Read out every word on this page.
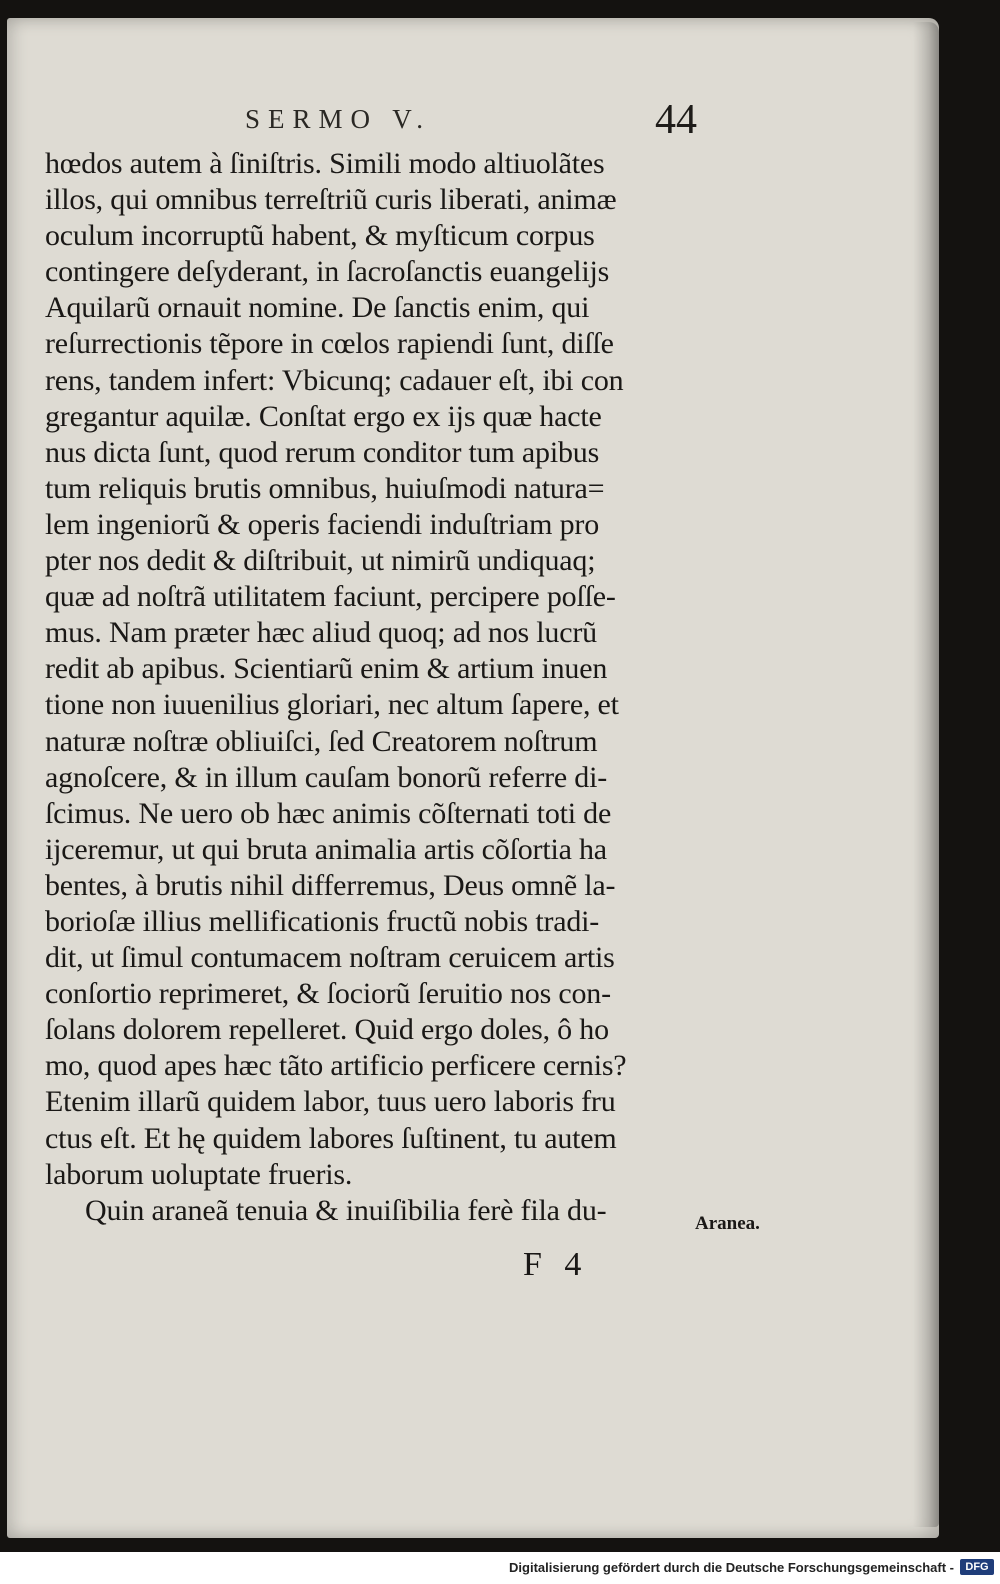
SERMO V.	44
hœdos autem à ſiniſtris. Simili modo altiuolãtes
illos, qui omnibus terreſtriũ curis liberati, animæ
oculum incorruptũ habent, & myſticum corpus
contingere deſyderant, in ſacroſanctis euangelijs
Aquilarũ ornauit nomine. De ſanctis enim, qui
reſurrectionis tẽpore in cœlos rapiendi ſunt, diſſe
rens, tandem infert: Vbicunq; cadauer eſt, ibi con
gregantur aquilæ. Conſtat ergo ex ijs quæ hacte
nus dicta ſunt, quod rerum conditor tum apibus
tum reliquis brutis omnibus, huiuſmodi natura=
lem ingeniorũ & operis faciendi induſtriam pro
pter nos dedit & diſtribuit, ut nimirũ undiquaq;
quæ ad noſtrã utilitatem faciunt, percipere poſſe-
mus. Nam præter hæc aliud quoq; ad nos lucrũ
redit ab apibus. Scientiarũ enim & artium inuen
tione non iuuenilius gloriari, nec altum ſapere, et
naturæ noſtræ obliuiſci, ſed Creatorem noſtrum
agnoſcere, & in illum cauſam bonorũ referre di-
ſcimus. Ne uero ob hæc animis cõſternati toti de
ijceremur, ut qui bruta animalia artis cõſortia ha
bentes, à brutis nihil differremus, Deus omnẽ la-
borioſæ illius mellificationis fructũ nobis tradi-
dit, ut ſimul contumacem noſtram ceruicem artis
conſortio reprimeret, & ſociorũ ſeruitio nos con-
ſolans dolorem repelleret. Quid ergo doles, ô ho
mo, quod apes hæc tãto artificio perficere cernis?
Etenim illarũ quidem labor, tuus uero laboris fru
ctus eſt. Et hę quidem labores ſuſtinent, tu autem
laborum uoluptate frueris.
Quin araneã tenuia & inuiſibilia ferè fila du-	Aranea.
F 4
Digitalisierung gefördert durch die Deutsche Forschungsgemeinschaft -	DFG
